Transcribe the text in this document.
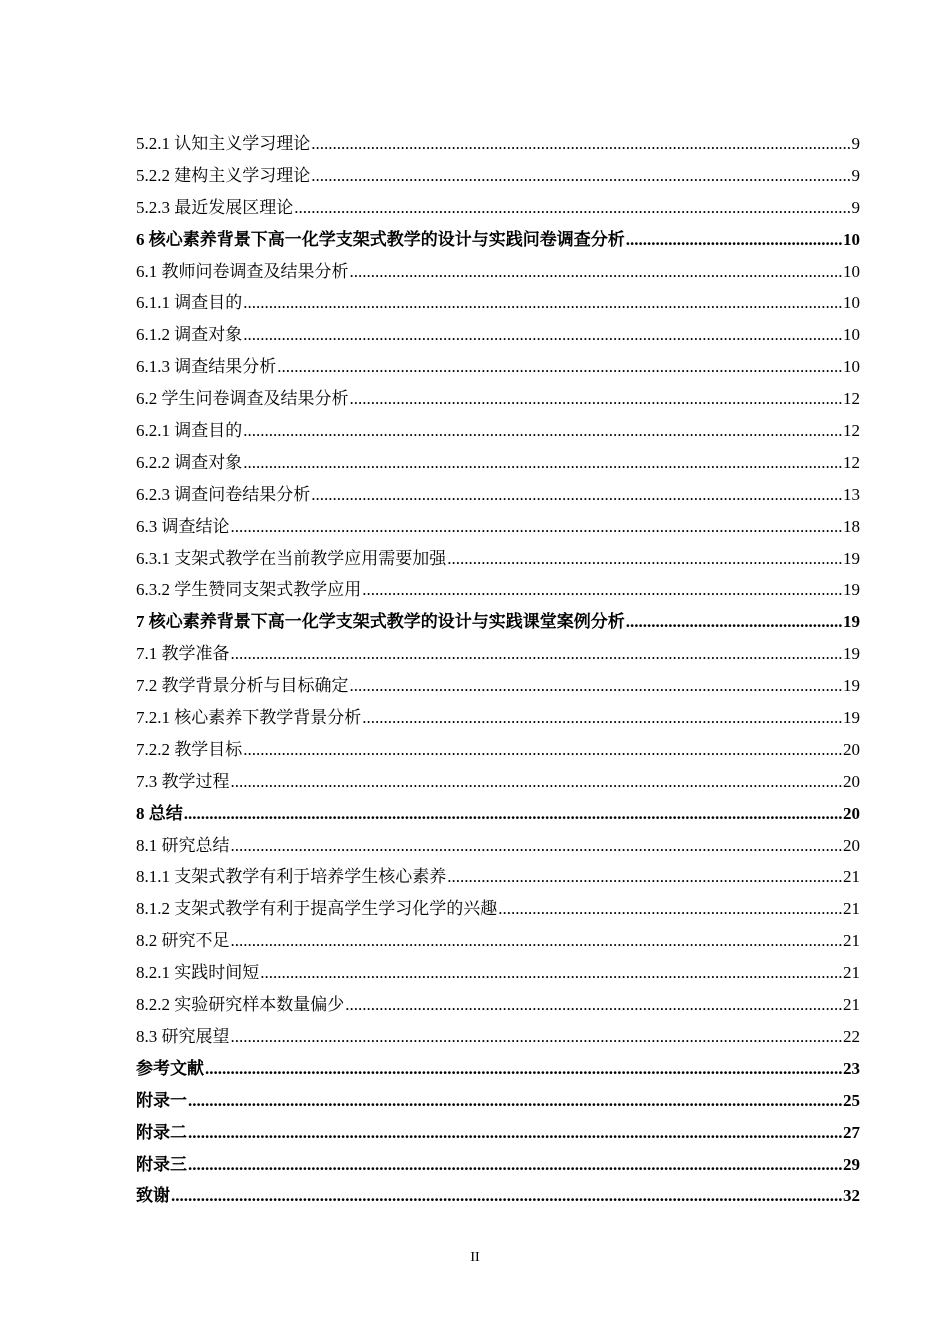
5.2.1 认知主义学习理论 .....	9
5.2.2 建构主义学习理论 .....	9
5.2.3 最近发展区理论 .....	9
6 核心素养背景下高一化学支架式教学的设计与实践问卷调查分析 .....	10
6.1 教师问卷调查及结果分析 .....	10
6.1.1 调查目的 .....	10
6.1.2 调查对象 .....	10
6.1.3 调查结果分析 .....	10
6.2 学生问卷调查及结果分析 .....	12
6.2.1 调查目的 .....	12
6.2.2 调查对象 .....	12
6.2.3 调查问卷结果分析 .....	13
6.3 调查结论 .....	18
6.3.1 支架式教学在当前教学应用需要加强 .....	19
6.3.2 学生赞同支架式教学应用 .....	19
7 核心素养背景下高一化学支架式教学的设计与实践课堂案例分析 .....	19
7.1 教学准备 .....	19
7.2 教学背景分析与目标确定 .....	19
7.2.1 核心素养下教学背景分析 .....	19
7.2.2 教学目标 .....	20
7.3 教学过程 .....	20
8 总结 .....	20
8.1 研究总结 .....	20
8.1.1 支架式教学有利于培养学生核心素养 .....	21
8.1.2 支架式教学有利于提高学生学习化学的兴趣 .....	21
8.2 研究不足 .....	21
8.2.1 实践时间短 .....	21
8.2.2 实验研究样本数量偏少 .....	21
8.3 研究展望 .....	22
参考文献 .....	23
附录一 .....	25
附录二 .....	27
附录三 .....	29
致谢 .....	32
II
